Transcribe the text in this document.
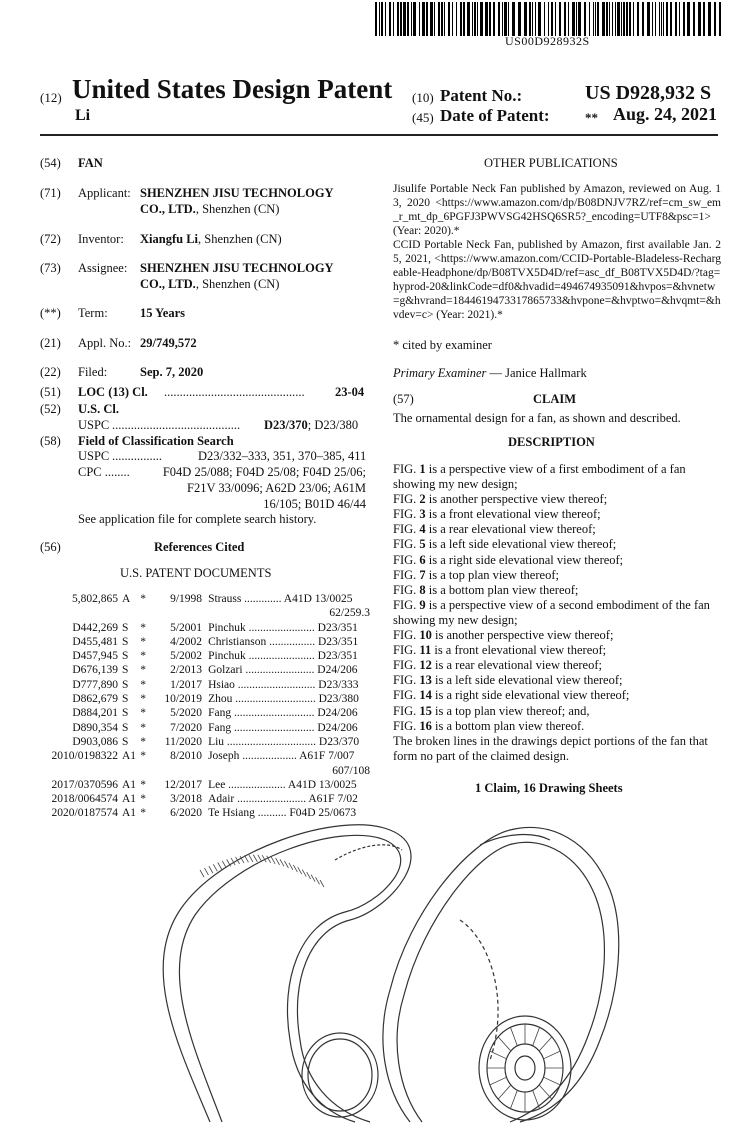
US00D928932S
(12) United States Design Patent
Li
(10) Patent No.:	US D928,932 S
(45) Date of Patent:	** Aug. 24, 2021
(54) FAN
(71) Applicant: SHENZHEN JISU TECHNOLOGY
CO., LTD., Shenzhen (CN)
(72) Inventor: Xiangfu Li, Shenzhen (CN)
(73) Assignee: SHENZHEN JISU TECHNOLOGY
CO., LTD., Shenzhen (CN)
(**) Term:	15 Years
(21) Appl. No.: 29/749,572
(22) Filed:	Sep. 7, 2020
(51) LOC (13) Cl. ............................................. 23-04
(52) U.S. Cl.
USPC ......................................... D23/370; D23/380
(58) Field of Classification Search
USPC ................	D23/332–333, 351, 370–385, 411
CPC ........	F04D 25/088; F04D 25/08; F04D 25/06;
F21V 33/0096; A62D 23/06; A61M
16/105; B01D 46/44
See application file for complete search history.
(56)	References Cited
U.S. PATENT DOCUMENTS
5,802,865	A	*	9/1998	Strauss ............. A41D 13/0025
62/259.3

D442,269	S	*	5/2001	Pinchuk ....................... D23/351
D455,481	S	*	4/2002	Christianson ................ D23/351
D457,945	S	*	5/2002	Pinchuk ....................... D23/351
D676,139	S	*	2/2013	Golzari ........................ D24/206
D777,890	S	*	1/2017	Hsiao ........................... D23/333
D862,679	S	*	10/2019	Zhou ............................ D23/380
D884,201	S	*	5/2020	Fang ............................ D24/206
D890,354	S	*	7/2020	Fang ............................ D24/206
D903,086	S	*	11/2020	Liu ............................... D23/370
2010/0198322	A1	*	8/2010	Joseph ................... A61F 7/007
607/108

2017/0370596	A1	*	12/2017	Lee .................... A41D 13/0025
2018/0064574	A1	*	3/2018	Adair ........................ A61F 7/02
2020/0187574	A1	*	6/2020	Te Hsiang .......... F04D 25/0673
OTHER PUBLICATIONS
Jisulife Portable Neck Fan published by Amazon, reviewed on Aug. 13, 2020 <https://www.amazon.com/dp/B08DNJV7RZ/ref=cm_sw_em_r_mt_dp_6PGFJ3PWVSG42HSQ6SR5?_encoding=UTF8&psc=1> (Year: 2020).*
CCID Portable Neck Fan, published by Amazon, first available Jan. 25, 2021, <https://www.amazon.com/CCID-Portable-Bladeless-Rechargeable-Headphone/dp/B08TVX5D4D/ref=asc_df_B08TVX5D4D/?tag=hyprod-20&linkCode=df0&hvadid=494674935091&hvpos=&hvnetw=g&hvrand=1844619473317865733&hvpone=&hvptwo=&hvqmt=&hvdev=c> (Year: 2021).*
* cited by examiner
Primary Examiner — Janice Hallmark
(57)	CLAIM
The ornamental design for a fan, as shown and described.
DESCRIPTION
FIG. 1 is a perspective view of a first embodiment of a fan showing my new design;
FIG. 2 is another perspective view thereof;
FIG. 3 is a front elevational view thereof;
FIG. 4 is a rear elevational view thereof;
FIG. 5 is a left side elevational view thereof;
FIG. 6 is a right side elevational view thereof;
FIG. 7 is a top plan view thereof;
FIG. 8 is a bottom plan view thereof;
FIG. 9 is a perspective view of a second embodiment of the fan showing my new design;
FIG. 10 is another perspective view thereof;
FIG. 11 is a front elevational view thereof;
FIG. 12 is a rear elevational view thereof;
FIG. 13 is a left side elevational view thereof;
FIG. 14 is a right side elevational view thereof;
FIG. 15 is a top plan view thereof; and,
FIG. 16 is a bottom plan view thereof.
The broken lines in the drawings depict portions of the fan that form no part of the claimed design.
1 Claim, 16 Drawing Sheets
